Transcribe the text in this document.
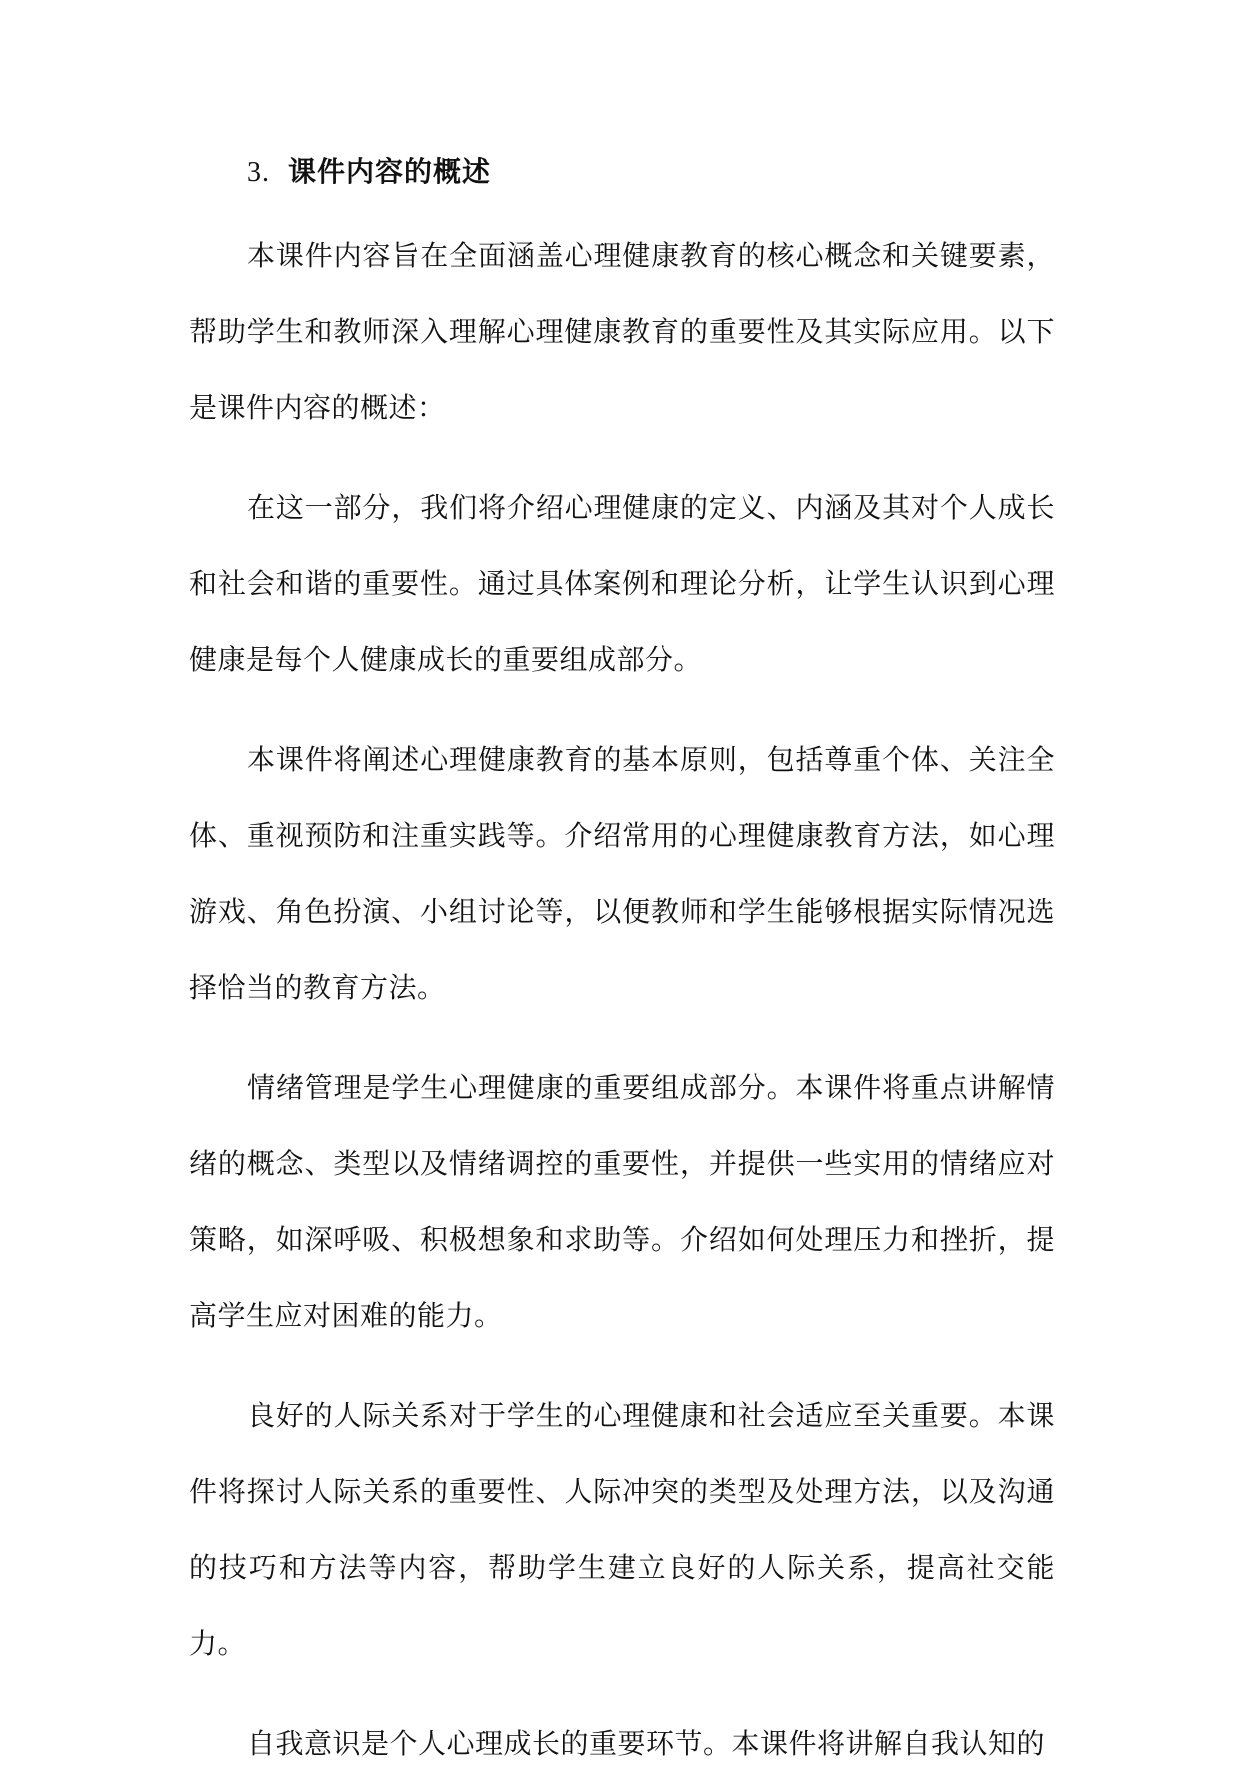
3. 课件内容的概述

本课件内容旨在全面涵盖心理健康教育的核心概念和关键要素，帮助学生和教师深入理解心理健康教育的重要性及其实际应用。以下是课件内容的概述：

在这一部分，我们将介绍心理健康的定义、内涵及其对个人成长和社会和谐的重要性。通过具体案例和理论分析，让学生认识到心理健康是每个人健康成长的重要组成部分。

本课件将阐述心理健康教育的基本原则，包括尊重个体、关注全体、重视预防和注重实践等。介绍常用的心理健康教育方法，如心理游戏、角色扮演、小组讨论等，以便教师和学生能够根据实际情况选择恰当的教育方法。

情绪管理是学生心理健康的重要组成部分。本课件将重点讲解情绪的概念、类型以及情绪调控的重要性，并提供一些实用的情绪应对策略，如深呼吸、积极想象和求助等。介绍如何处理压力和挫折，提高学生应对困难的能力。

良好的人际关系对于学生的心理健康和社会适应至关重要。本课件将探讨人际关系的重要性、人际冲突的类型及处理方法，以及沟通的技巧和方法等内容，帮助学生建立良好的人际关系，提高社交能力。

自我意识是个人心理成长的重要环节。本课件将讲解自我认知的
